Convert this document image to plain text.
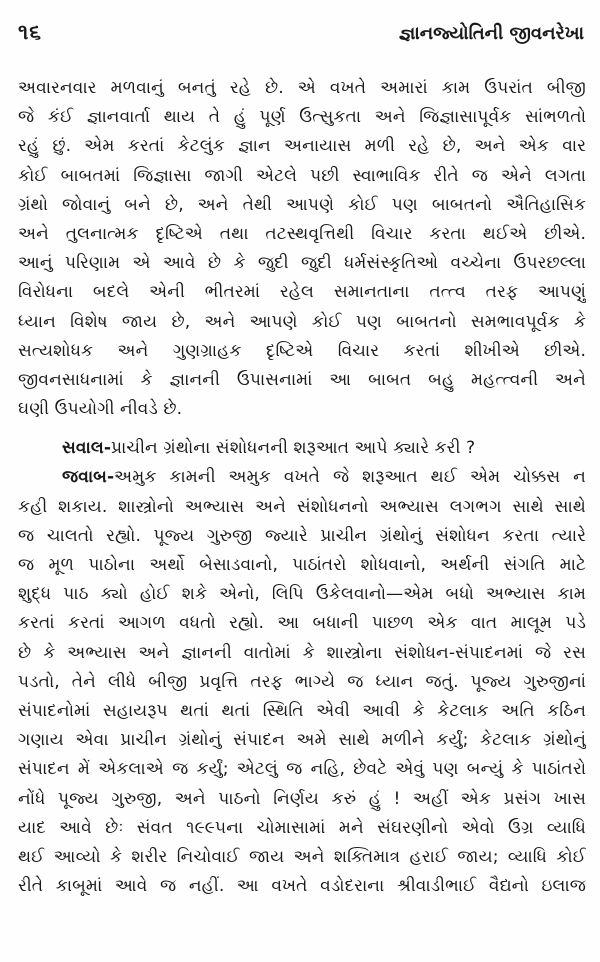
૧૬	જ્ઞાનજ્યોતિની જીવનરેખા
અવારનવાર મળવાનું બનતું રહે છે. એ વખતે અમારાં કામ ઉપરાંત બીજી
જે કંઈ જ્ઞાનવાર્તા થાય તે હું પૂર્ણ ઉત્સુકતા અને જિજ્ઞાસાપૂર્વક સાંભળતો
રહું છું. એમ કરતાં કેટલુંક જ્ઞાન અનાયાસ મળી રહે છે, અને એક વાર
કોઈ બાબતમાં જિજ્ઞાસા જાગી એટલે પછી સ્વાભાવિક રીતે જ એને લગતા
ગ્રંથો જોવાનું બને છે, અને તેથી આપણે કોઈ પણ બાબતનો ઐતિહાસિક
અને તુલનાત્મક દૃષ્ટિએ તથા તટસ્થવૃત્તિથી વિચાર કરતા થઈએ છીએ.
આનું પરિણામ એ આવે છે કે જુદી જુદી ધર્મસંસ્કૃતિઓ વચ્ચેના ઉપરછલ્લા
વિરોધના બદલે એની ભીતરમાં રહેલ સમાનતાના તત્ત્વ તરફ આપણું
ધ્યાન વિશેષ જાય છે, અને આપણે કોઈ પણ બાબતનો સમભાવપૂર્વક કે
સત્યશોધક અને ગુણગ્રાહક દૃષ્ટિએ વિચાર કરતાં શીખીએ છીએ.
જીવનસાધનામાં કે જ્ઞાનની ઉપાસનામાં આ બાબત બહુ મહત્ત્વની અને
ઘણી ઉપયોગી નીવડે છે.
સવાલ-પ્રાચીન ગ્રંથોના સંશોધનની શરૂઆત આપે ક્યારે કરી ?
જવાબ-અમુક કામની અમુક વખતે જે શરૂઆત થઈ એમ ચોક્કસ ન
કહી શકાય. શાસ્ત્રોનો અભ્યાસ અને સંશોધનનો અભ્યાસ લગભગ સાથે સાથે
જ ચાલતો રહ્યો. પૂજ્ય ગુરુજી જ્યારે પ્રાચીન ગ્રંથોનું સંશોધન કરતા ત્યારે
જ મૂળ પાઠોના અર્થો બેસાડવાનો, પાઠાંતરો શોધવાનો, અર્થની સંગતિ માટે
શુદ્ધ પાઠ ક્યો હોઈ શકે એનો, લિપિ ઉકેલવાનો—એમ બધો અભ્યાસ કામ
કરતાં કરતાં આગળ વધતો રહ્યો. આ બધાની પાછળ એક વાત માલૂમ પડે
છે કે અભ્યાસ અને જ્ઞાનની વાતોમાં કે શાસ્ત્રોના સંશોધન-સંપાદનમાં જે રસ
પડતો, તેને લીધે બીજી પ્રવૃત્તિ તરફ ભાગ્યે જ ધ્યાન જતું. પૂજ્ય ગુરુજીનાં
સંપાદનોમાં સહાયરૂપ થતાં થતાં સ્થિતિ એવી આવી કે કેટલાક અતિ કઠિન
ગણાય એવા પ્રાચીન ગ્રંથોનું સંપાદન અમે સાથે મળીને કર્યું; કેટલાક ગ્રંથોનું
સંપાદન મેં એકલાએ જ કર્યું; એટલું જ નહિ, છેવટે એવું પણ બન્યું કે પાઠાંતરો
નોંધે પૂજ્ય ગુરુજી, અને પાઠનો નિર્ણય કરું હું ! અહીં એક પ્રસંગ ખાસ
યાદ આવે છેઃ સંવત ૧૯૯૫ના ચોમાસામાં મને સંઘરણીનો એવો ઉગ્ર વ્યાધિ
થઈ આવ્યો કે શરીર નિચોવાઈ જાય અને શક્તિમાત્ર હરાઈ જાય; વ્યાધિ કોઈ
રીતે કાબૂમાં આવે જ નહીં. આ વખતે વડોદરાના શ્રીવાડીભાઈ વૈદ્યનો ઇલાજ
